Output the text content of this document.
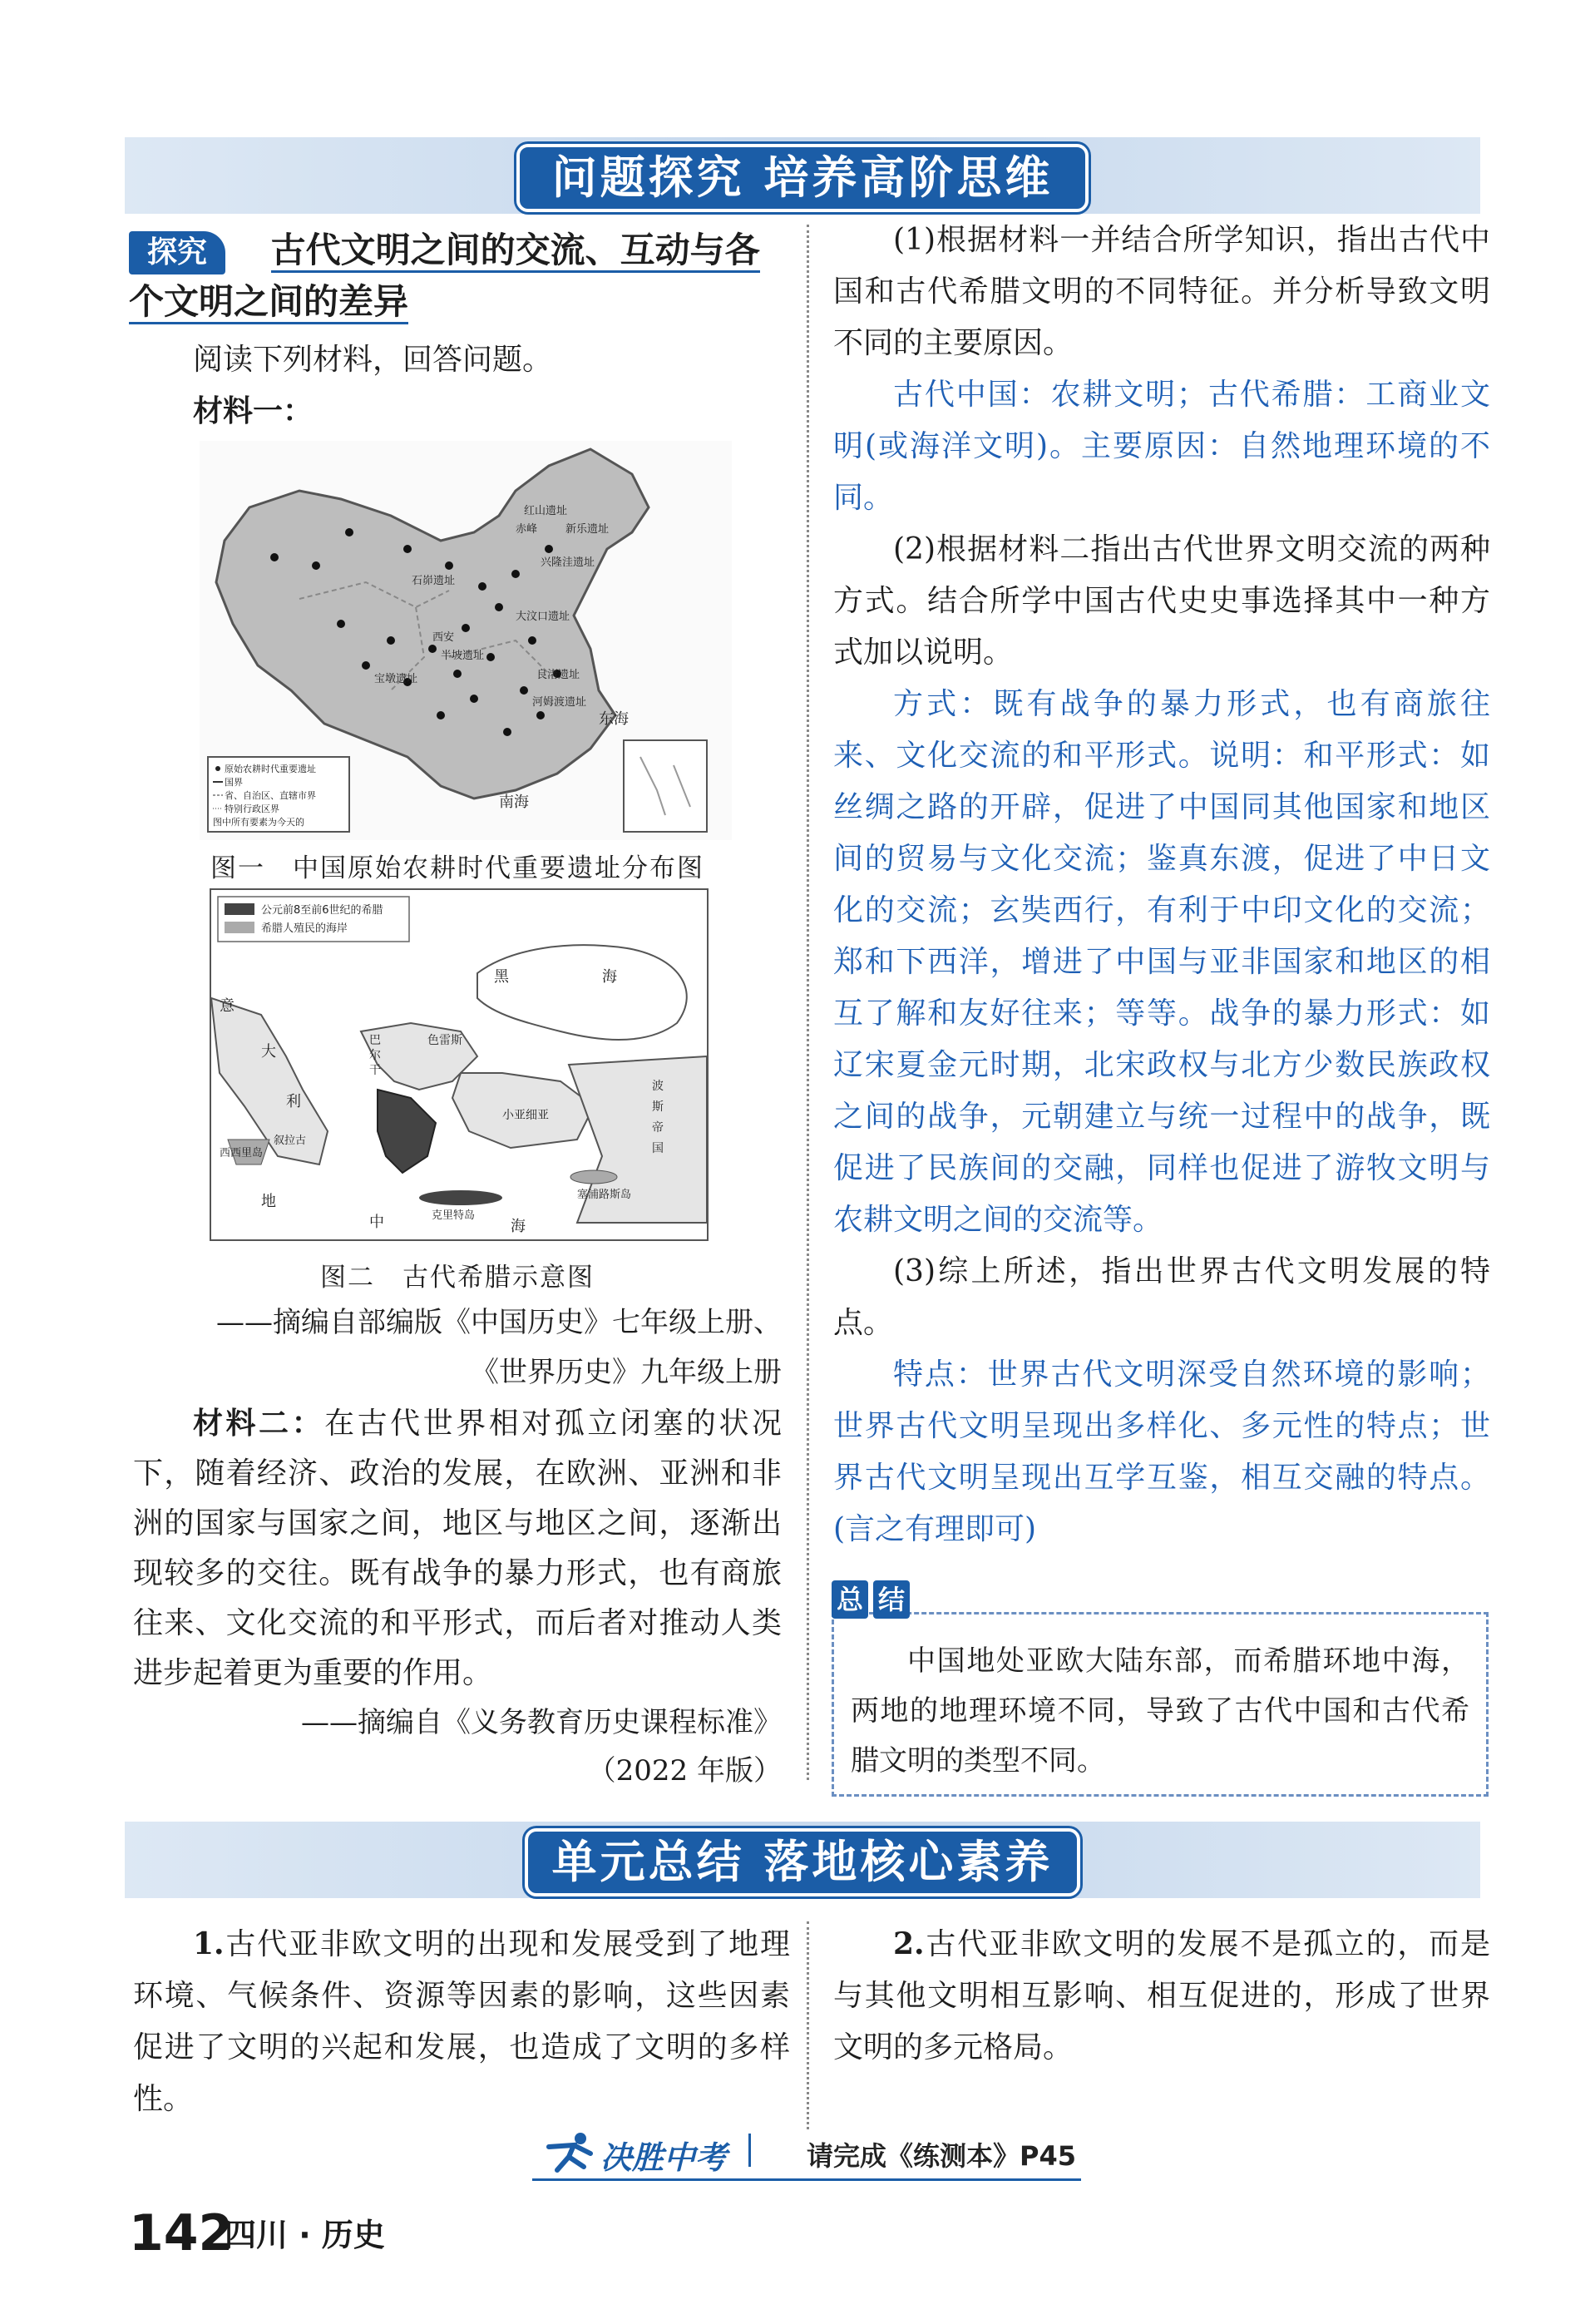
问题探究 培养高阶思维
探究 古代文明之间的交流、互动与各个文明之间的差异

阅读下列材料，回答问题。

材料一：

红山遗址
赤峰
兴隆洼遗址
新乐遗址
石峁遗址
大汶口遗址
西安
半坡遗址
良渚遗址
宝墩遗址
河姆渡遗址
东海
南海
原始农耕时代重要遗址
国界
省、自治区、直辖市界
特别行政区界
图中所有要素为今天的
图一　中国原始农耕时代重要遗址分布图
公元前8至前6世纪的希腊
希腊人殖民的海岸
黑	海
意
大
利
巴
尔
干
色雷斯
小亚细亚
西西里岛
叙拉古
克里特岛
塞浦路斯岛
波
斯
帝
国
地
中	海
图二　古代希腊示意图
——摘编自部编版《中国历史》七年级上册、
《世界历史》九年级上册

材料二：在古代世界相对孤立闭塞的状况下，随着经济、政治的发展，在欧洲、亚洲和非洲的国家与国家之间，地区与地区之间，逐渐出现较多的交往。既有战争的暴力形式，也有商旅往来、文化交流的和平形式，而后者对推动人类进步起着更为重要的作用。

——摘编自《义务教育历史课程标准》
（2022 年版）

(1)根据材料一并结合所学知识，指出古代中国和古代希腊文明的不同特征。并分析导致文明不同的主要原因。

古代中国：农耕文明；古代希腊：工商业文明(或海洋文明)。主要原因：自然地理环境的不同。

(2)根据材料二指出古代世界文明交流的两种方式。结合所学中国古代史史事选择其中一种方式加以说明。

方式：既有战争的暴力形式，也有商旅往来、文化交流的和平形式。说明：和平形式：如丝绸之路的开辟，促进了中国同其他国家和地区间的贸易与文化交流；鉴真东渡，促进了中日文化的交流；玄奘西行，有利于中印文化的交流；郑和下西洋，增进了中国与亚非国家和地区的相互了解和友好往来；等等。战争的暴力形式：如辽宋夏金元时期，北宋政权与北方少数民族政权之间的战争，元朝建立与统一过程中的战争，既促进了民族间的交融，同样也促进了游牧文明与农耕文明之间的交流等。

(3)综上所述，指出世界古代文明发展的特点。

特点：世界古代文明深受自然环境的影响；世界古代文明呈现出多样化、多元性的特点；世界古代文明呈现出互学互鉴，相互交融的特点。(言之有理即可)

总 结

中国地处亚欧大陆东部，而希腊环地中海，两地的地理环境不同，导致了古代中国和古代希腊文明的类型不同。

单元总结 落地核心素养

1.古代亚非欧文明的出现和发展受到了地理环境、气候条件、资源等因素的影响，这些因素促进了文明的兴起和发展，也造成了文明的多样性。

2.古代亚非欧文明的发展不是孤立的，而是与其他文明相互影响、相互促进的，形成了世界文明的多元格局。

决胜中考	请完成《练测本》P45
142
四川 · 历史
